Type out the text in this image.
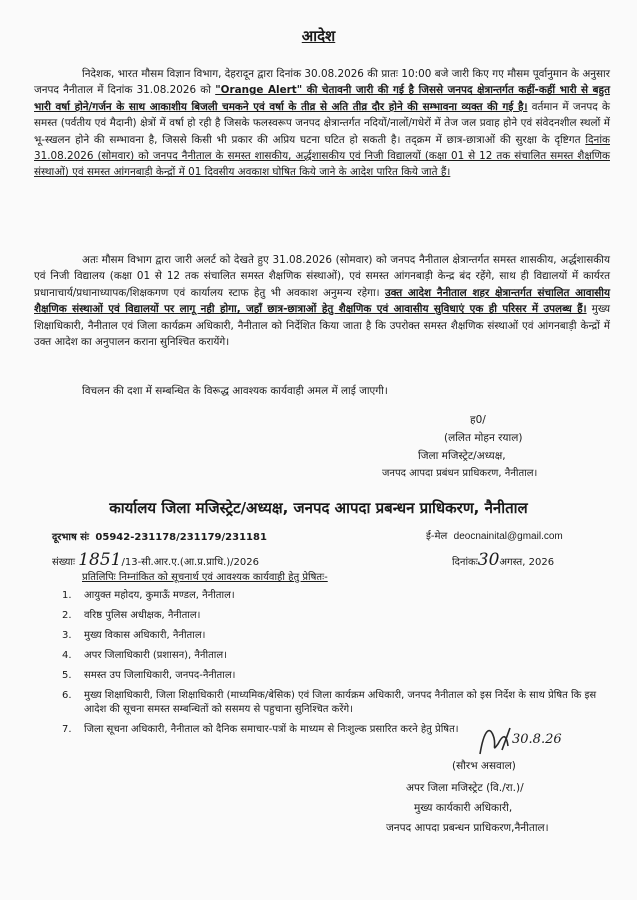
आदेश
निदेशक, भारत मौसम विज्ञान विभाग, देहरादून द्वारा दिनांक 30.08.2026 की प्रातः 10:00 बजे जारी किए गए मौसम पूर्वानुमान के अनुसार जनपद नैनीताल में दिनांक 31.08.2026 को "Orange Alert" की चेतावनी जारी की गई है जिससे जनपद क्षेत्रान्तर्गत कहीं-कहीं भारी से बहुत भारी वर्षा होने/गर्जन के साथ आकाशीय बिजली चमकने एवं वर्षा के तीव्र से अति तीव्र दौर होने की सम्भावना व्यक्त की गई है। वर्तमान में जनपद के समस्त (पर्वतीय एवं मैदानी) क्षेत्रों में वर्षा हो रही है जिसके फलस्वरूप जनपद क्षेत्रान्तर्गत नदियों/नालों/गधेरों में तेज जल प्रवाह होने एवं संवेदनशील स्थलों में भू-स्खलन होने की सम्भावना है, जिससे किसी भी प्रकार की अप्रिय घटना घटित हो सकती है। तद्क्रम में छात्र-छात्राओं की सुरक्षा के दृष्टिगत दिनांक 31.08.2026 (सोमवार) को जनपद नैनीताल के समस्त शासकीय, अर्द्धशासकीय एवं निजी विद्यालयों (कक्षा 01 से 12 तक संचालित समस्त शैक्षणिक संस्थाओं) एवं समस्त आंगनबाड़ी केन्द्रों में 01 दिवसीय अवकाश घोषित किये जाने के आदेश पारित किये जाते हैं।
अतः मौसम विभाग द्वारा जारी अलर्ट को देखते हुए 31.08.2026 (सोमवार) को जनपद नैनीताल क्षेत्रान्तर्गत समस्त शासकीय, अर्द्धशासकीय एवं निजी विद्यालय (कक्षा 01 से 12 तक संचालित समस्त शैक्षणिक संस्थाओं), एवं समस्त आंगनबाड़ी केन्द्र बंद रहेंगे, साथ ही विद्यालयों में कार्यरत प्रधानाचार्य/प्रधानाध्यापक/शिक्षकगण एवं कार्यालय स्टाफ हेतु भी अवकाश अनुमन्य रहेगा। उक्त आदेश नैनीताल शहर क्षेत्रान्तर्गत संचालित आवासीय शैक्षणिक संस्थाओं एवं विद्यालयों पर लागू नही होगा, जहाँ छात्र-छात्राओं हेतु शैक्षणिक एवं आवासीय सुविधाएं एक ही परिसर में उपलब्ध हैं। मुख्य शिक्षाधिकारी, नैनीताल एवं जिला कार्यक्रम अधिकारी, नैनीताल को निर्देशित किया जाता है कि उपरोक्त समस्त शैक्षणिक संस्थाओं एवं आंगनबाड़ी केन्द्रों में उक्त आदेश का अनुपालन कराना सुनिश्चित करायेंगे।
विचलन की दशा में सम्बन्धित के विरूद्ध आवश्यक कार्यवाही अमल में लाई जाएगी।
ह0/
(ललित मोहन रयाल)
जिला मजिस्ट्रेट/अध्यक्ष,
जनपद आपदा प्रबंधन प्राधिकरण, नैनीताल।
कार्यालय जिला मजिस्ट्रेट/अध्यक्ष, जनपद आपदा प्रबन्धन प्राधिकरण, नैनीताल
दूरभाष संः 05942-231178/231179/231181	ई-मेल deocnainital@gmail.com
संख्याः 1851/13-सी.आर.ए.(आ.प्र.प्राधि.)/2026	दिनांकः30अगस्त, 2026
प्रतिलिपिः निम्नांकित को सूचनार्थ एवं आवश्यक कार्यवाही हेतु प्रेषितः-
1.	आयुक्त महोदय, कुमाऊँ मण्डल, नैनीताल।
2.	वरिष्ठ पुलिस अधीक्षक, नैनीताल।
3.	मुख्य विकास अधिकारी, नैनीताल।
4.	अपर जिलाधिकारी (प्रशासन), नैनीताल।
5.	समस्त उप जिलाधिकारी, जनपद-नैनीताल।
6.	मुख्य शिक्षाधिकारी, जिला शिक्षाधिकारी (माध्यमिक/बेसिक) एवं जिला कार्यक्रम अधिकारी, जनपद नैनीताल को इस निर्देश के साथ प्रेषित कि इस आदेश की सूचना समस्त सम्बन्धितों को ससमय से पहुचाना सुनिश्चित करेंगे।
7.	जिला सूचना अधिकारी, नैनीताल को दैनिक समाचार-पत्रों के माध्यम से निःशुल्क प्रसारित करने हेतु प्रेषित।
30.8.26
(सौरभ असवाल)
अपर जिला मजिस्ट्रेट (वि./रा.)/
मुख्य कार्यकारी अधिकारी,
जनपद आपदा प्रबन्धन प्राधिकरण,नैनीताल।
